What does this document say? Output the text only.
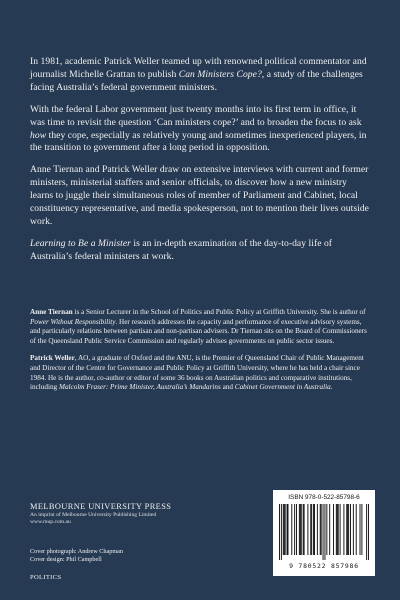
In 1981, academic Patrick Weller teamed up with renowned political commentator and journalist Michelle Grattan to publish Can Ministers Cope?, a study of the challenges facing Australia’s federal government ministers.

With the federal Labor government just twenty months into its first term in office, it was time to revisit the question ‘Can ministers cope?’ and to broaden the focus to ask how they cope, especially as relatively young and sometimes inexperienced players, in the transition to government after a long period in opposition.

Anne Tiernan and Patrick Weller draw on extensive interviews with current and former ministers, ministerial staffers and senior officials, to discover how a new ministry learns to juggle their simultaneous roles of member of Parliament and Cabinet, local constituency representative, and media spokesperson, not to mention their lives outside work.

Learning to Be a Minister is an in-depth examination of the day-to-day life of Australia’s federal ministers at work.

Anne Tiernan is a Senior Lecturer in the School of Politics and Public Policy at Griffith University. She is author of Power Without Responsibility. Her research addresses the capacity and performance of executive advisory systems, and particularly relations between partisan and non-partisan advisers. Dr Tiernan sits on the Board of Commissioners of the Queensland Public Service Commission and regularly advises governments on public sector issues.

Patrick Weller, AO, a graduate of Oxford and the ANU, is the Premier of Queensland Chair of Public Management and Director of the Centre for Governance and Public Policy at Griffith University, where he has held a chair since 1984. He is the author, co-author or editor of some 36 books on Australian politics and comparative institutions, including Malcolm Fraser: Prime Minister, Australia’s Mandarins and Cabinet Government in Australia.

MELBOURNE UNIVERSITY PRESS
An imprint of Melbourne University Publishing Limited
www.mup.com.au
Cover photograph: Andrew Chapman
Cover design: Phil Campbell
POLITICS
ISBN 978-0-522-85798-6
9 780522 857986
